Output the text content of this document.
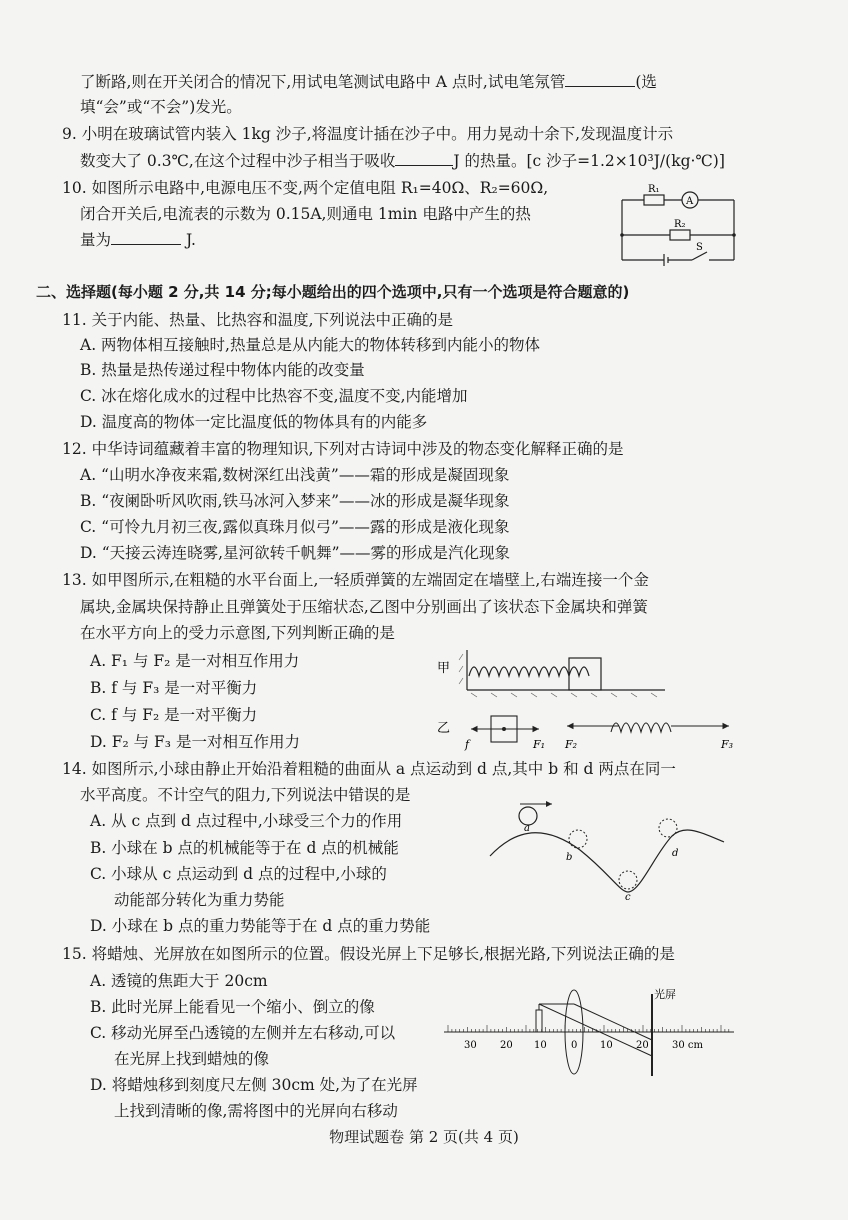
了断路,则在开关闭合的情况下,用试电笔测试电路中 A 点时,试电笔氖管	(选
填“会”或“不会”)发光。
9. 小明在玻璃试管内装入 1kg 沙子,将温度计插在沙子中。用力晃动十余下,发现温度计示
数变大了 0.3℃,在这个过程中沙子相当于吸收	J 的热量。[c 沙子=1.2×10³J/(kg·℃)]
10. 如图所示电路中,电源电压不变,两个定值电阻 R₁=40Ω、R₂=60Ω,
闭合开关后,电流表的示数为 0.15A,则通电 1min 电路中产生的热
量为	J.
R₁
A
R₂
S
二、选择题(每小题 2 分,共 14 分;每小题给出的四个选项中,只有一个选项是符合题意的)
11. 关于内能、热量、比热容和温度,下列说法中正确的是
A. 两物体相互接触时,热量总是从内能大的物体转移到内能小的物体
B. 热量是热传递过程中物体内能的改变量
C. 冰在熔化成水的过程中比热容不变,温度不变,内能增加
D. 温度高的物体一定比温度低的物体具有的内能多
12. 中华诗词蕴藏着丰富的物理知识,下列对古诗词中涉及的物态变化解释正确的是
A. “山明水净夜来霜,数树深红出浅黄”——霜的形成是凝固现象
B. “夜阑卧听风吹雨,铁马冰河入梦来”——冰的形成是凝华现象
C. “可怜九月初三夜,露似真珠月似弓”——露的形成是液化现象
D. “天接云涛连晓雾,星河欲转千帆舞”——雾的形成是汽化现象
13. 如甲图所示,在粗糙的水平台面上,一轻质弹簧的左端固定在墙壁上,右端连接一个金
属块,金属块保持静止且弹簧处于压缩状态,乙图中分别画出了该状态下金属块和弹簧
在水平方向上的受力示意图,下列判断正确的是
A. F₁ 与 F₂ 是一对相互作用力
B. f 与 F₃ 是一对平衡力
C. f 与 F₂ 是一对平衡力
D. F₂ 与 F₃ 是一对相互作用力
甲
乙
f	F₁ F₂	F₃
14. 如图所示,小球由静止开始沿着粗糙的曲面从 a 点运动到 d 点,其中 b 和 d 两点在同一
水平高度。不计空气的阻力,下列说法中错误的是
A. 从 c 点到 d 点过程中,小球受三个力的作用
B. 小球在 b 点的机械能等于在 d 点的机械能
C. 小球从 c 点运动到 d 点的过程中,小球的
动能部分转化为重力势能
D. 小球在 b 点的重力势能等于在 d 点的重力势能
a
b
c
d
15. 将蜡烛、光屏放在如图所示的位置。假设光屏上下足够长,根据光路,下列说法正确的是
A. 透镜的焦距大于 20cm
B. 此时光屏上能看见一个缩小、倒立的像
C. 移动光屏至凸透镜的左侧并左右移动,可以
在光屏上找到蜡烛的像
D. 将蜡烛移到刻度尺左侧 30cm 处,为了在光屏
上找到清晰的像,需将图中的光屏向右移动
光屏
30 20 10 0 10 20 30 cm
物理试题卷 第 2 页(共 4 页)
